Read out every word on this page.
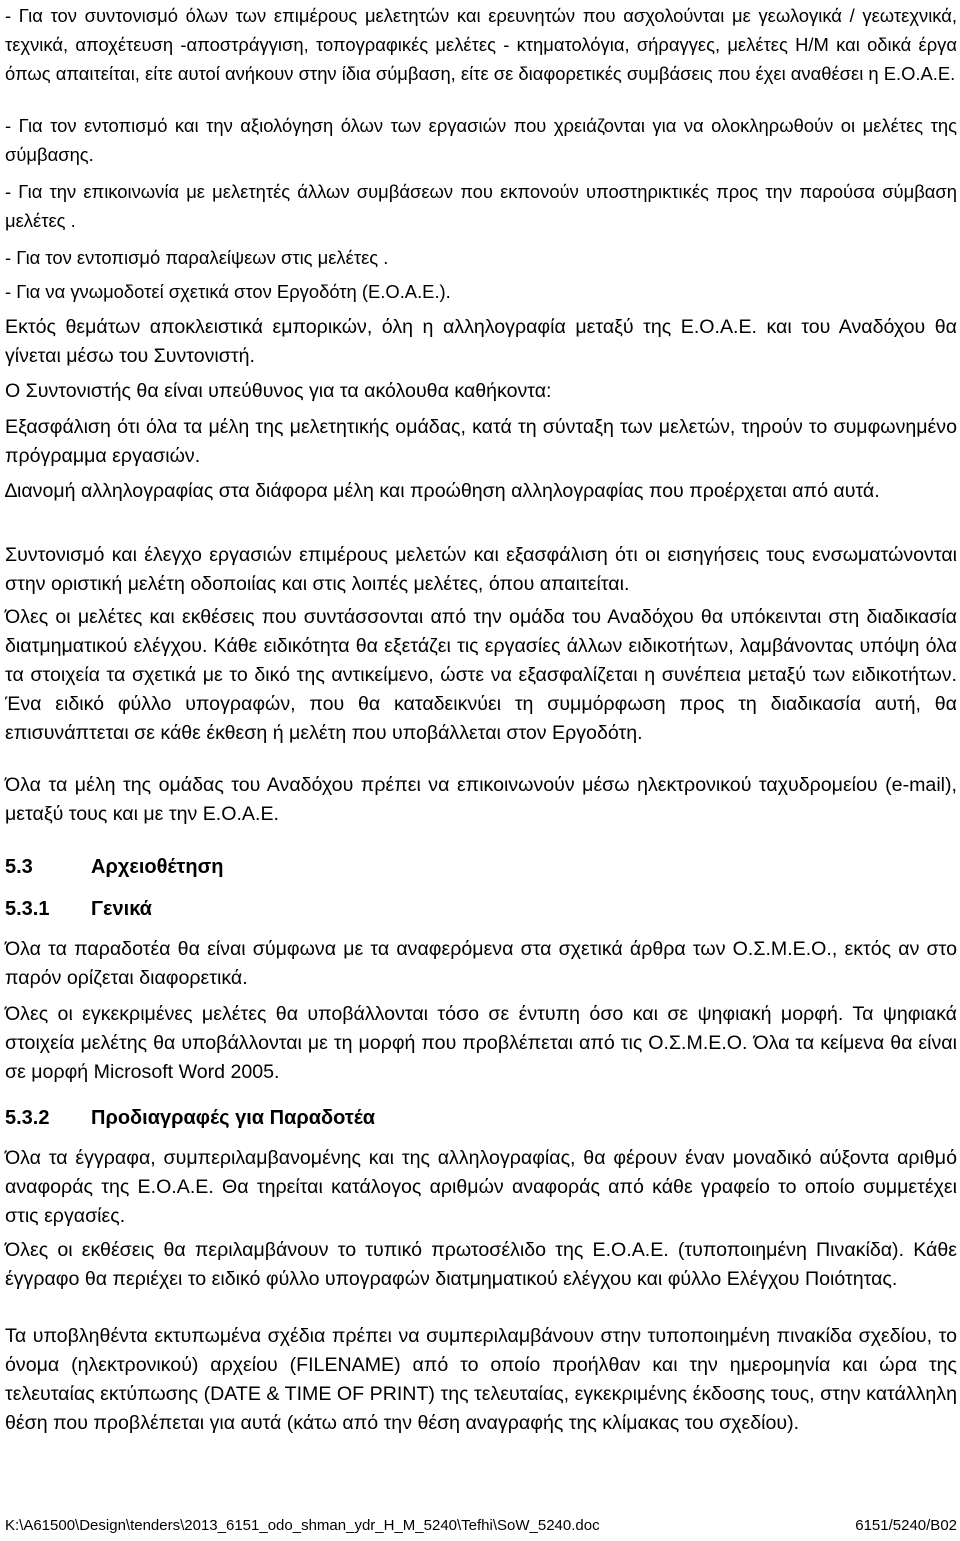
- Για τον συντονισμό όλων των επιμέρους μελετητών και ερευνητών που ασχολούνται με γεωλογικά / γεωτεχνικά, τεχνικά, αποχέτευση -αποστράγγιση, τοπογραφικές μελέτες - κτηματολόγια, σήραγγες, μελέτες Η/Μ και οδικά έργα όπως απαιτείται, είτε αυτοί ανήκουν στην ίδια σύμβαση, είτε σε διαφορετικές συμβάσεις που έχει αναθέσει η Ε.Ο.Α.Ε.

- Για τον εντοπισμό και την αξιολόγηση όλων των εργασιών που χρειάζονται για να ολοκληρωθούν οι μελέτες της σύμβασης.

- Για την επικοινωνία με μελετητές άλλων συμβάσεων που εκπονούν υποστηρικτικές προς την παρούσα σύμβαση μελέτες .

- Για τον εντοπισμό παραλείψεων στις μελέτες .

- Για να γνωμοδοτεί σχετικά στον Εργοδότη (Ε.Ο.Α.Ε.).

Εκτός θεμάτων αποκλειστικά εμπορικών, όλη η αλληλογραφία μεταξύ της Ε.Ο.Α.Ε. και του Αναδόχου θα γίνεται μέσω του Συντονιστή.

Ο Συντονιστής θα είναι υπεύθυνος για τα ακόλουθα καθήκοντα:

Εξασφάλιση ότι όλα τα μέλη της μελετητικής ομάδας, κατά τη σύνταξη των μελετών, τηρούν το συμφωνημένο πρόγραμμα εργασιών.

∆ιανομή αλληλογραφίας στα διάφορα μέλη και προώθηση αλληλογραφίας που προέρχεται από αυτά.

Συντονισμό και έλεγχο εργασιών επιμέρους μελετών και εξασφάλιση ότι οι εισηγήσεις τους ενσωματώνονται στην οριστική μελέτη οδοποιίας και στις λοιπές μελέτες, όπου απαιτείται.

Όλες οι μελέτες και εκθέσεις που συντάσσονται από την ομάδα του Αναδόχου θα υπόκεινται στη διαδικασία διατμηματικού ελέγχου. Κάθε ειδικότητα θα εξετάζει τις εργασίες άλλων ειδικοτήτων, λαμβάνοντας υπόψη όλα τα στοιχεία τα σχετικά με το δικό της αντικείμενο, ώστε να εξασφαλίζεται η συνέπεια μεταξύ των ειδικοτήτων. Ένα ειδικό φύλλο υπογραφών, που θα καταδεικνύει τη συμμόρφωση προς τη διαδικασία αυτή, θα επισυνάπτεται σε κάθε έκθεση ή μελέτη που υποβάλλεται στον Εργοδότη.

Όλα τα μέλη της ομάδας του Αναδόχου πρέπει να επικοινωνούν μέσω ηλεκτρονικού ταχυδρομείου (e-mail), μεταξύ τους και με την Ε.Ο.Α.Ε.

5.3	Αρχειοθέτηση
5.3.1 Γενικά

Όλα τα παραδοτέα θα είναι σύμφωνα με τα αναφερόμενα στα σχετικά άρθρα των Ο.Σ.Μ.Ε.Ο., εκτός αν στο παρόν ορίζεται διαφορετικά.

Όλες οι εγκεκριμένες μελέτες θα υποβάλλονται τόσο σε έντυπη όσο και σε ψηφιακή μορφή. Τα ψηφιακά στοιχεία μελέτης θα υποβάλλονται με τη μορφή που προβλέπεται από τις Ο.Σ.Μ.Ε.Ο. Όλα τα κείμενα θα είναι σε μορφή Microsoft Word 2005.

5.3.2 Προδιαγραφές για Παραδοτέα

Όλα τα έγγραφα, συμπεριλαμβανομένης και της αλληλογραφίας, θα φέρουν έναν μοναδικό αύξοντα αριθμό αναφοράς της Ε.Ο.Α.Ε. Θα τηρείται κατάλογος αριθμών αναφοράς από κάθε γραφείο το οποίο συμμετέχει στις εργασίες.

Όλες οι εκθέσεις θα περιλαμβάνουν το τυπικό πρωτοσέλιδο της Ε.Ο.Α.Ε. (τυποποιημένη Πινακίδα). Κάθε έγγραφο θα περιέχει το ειδικό φύλλο υπογραφών διατμηματικού ελέγχου και φύλλο Ελέγχου Ποιότητας.

Τα υποβληθέντα εκτυπωμένα σχέδια πρέπει να συμπεριλαμβάνουν στην τυποποιημένη πινακίδα σχεδίου, το όνομα (ηλεκτρονικού) αρχείου (FILENAME) από το οποίο προήλθαν και την ημερομηνία και ώρα της τελευταίας εκτύπωσης (DATE & TIME OF PRINT) της τελευταίας, εγκεκριμένης έκδοσης τους, στην κατάλληλη θέση που προβλέπεται για αυτά (κάτω από την θέση αναγραφής της κλίμακας του σχεδίου).

K:\A61500\Design\tenders\2013_6151_odo_shman_ydr_H_M_5240\Tefhi\SoW_5240.doc	6151/5240/B02
